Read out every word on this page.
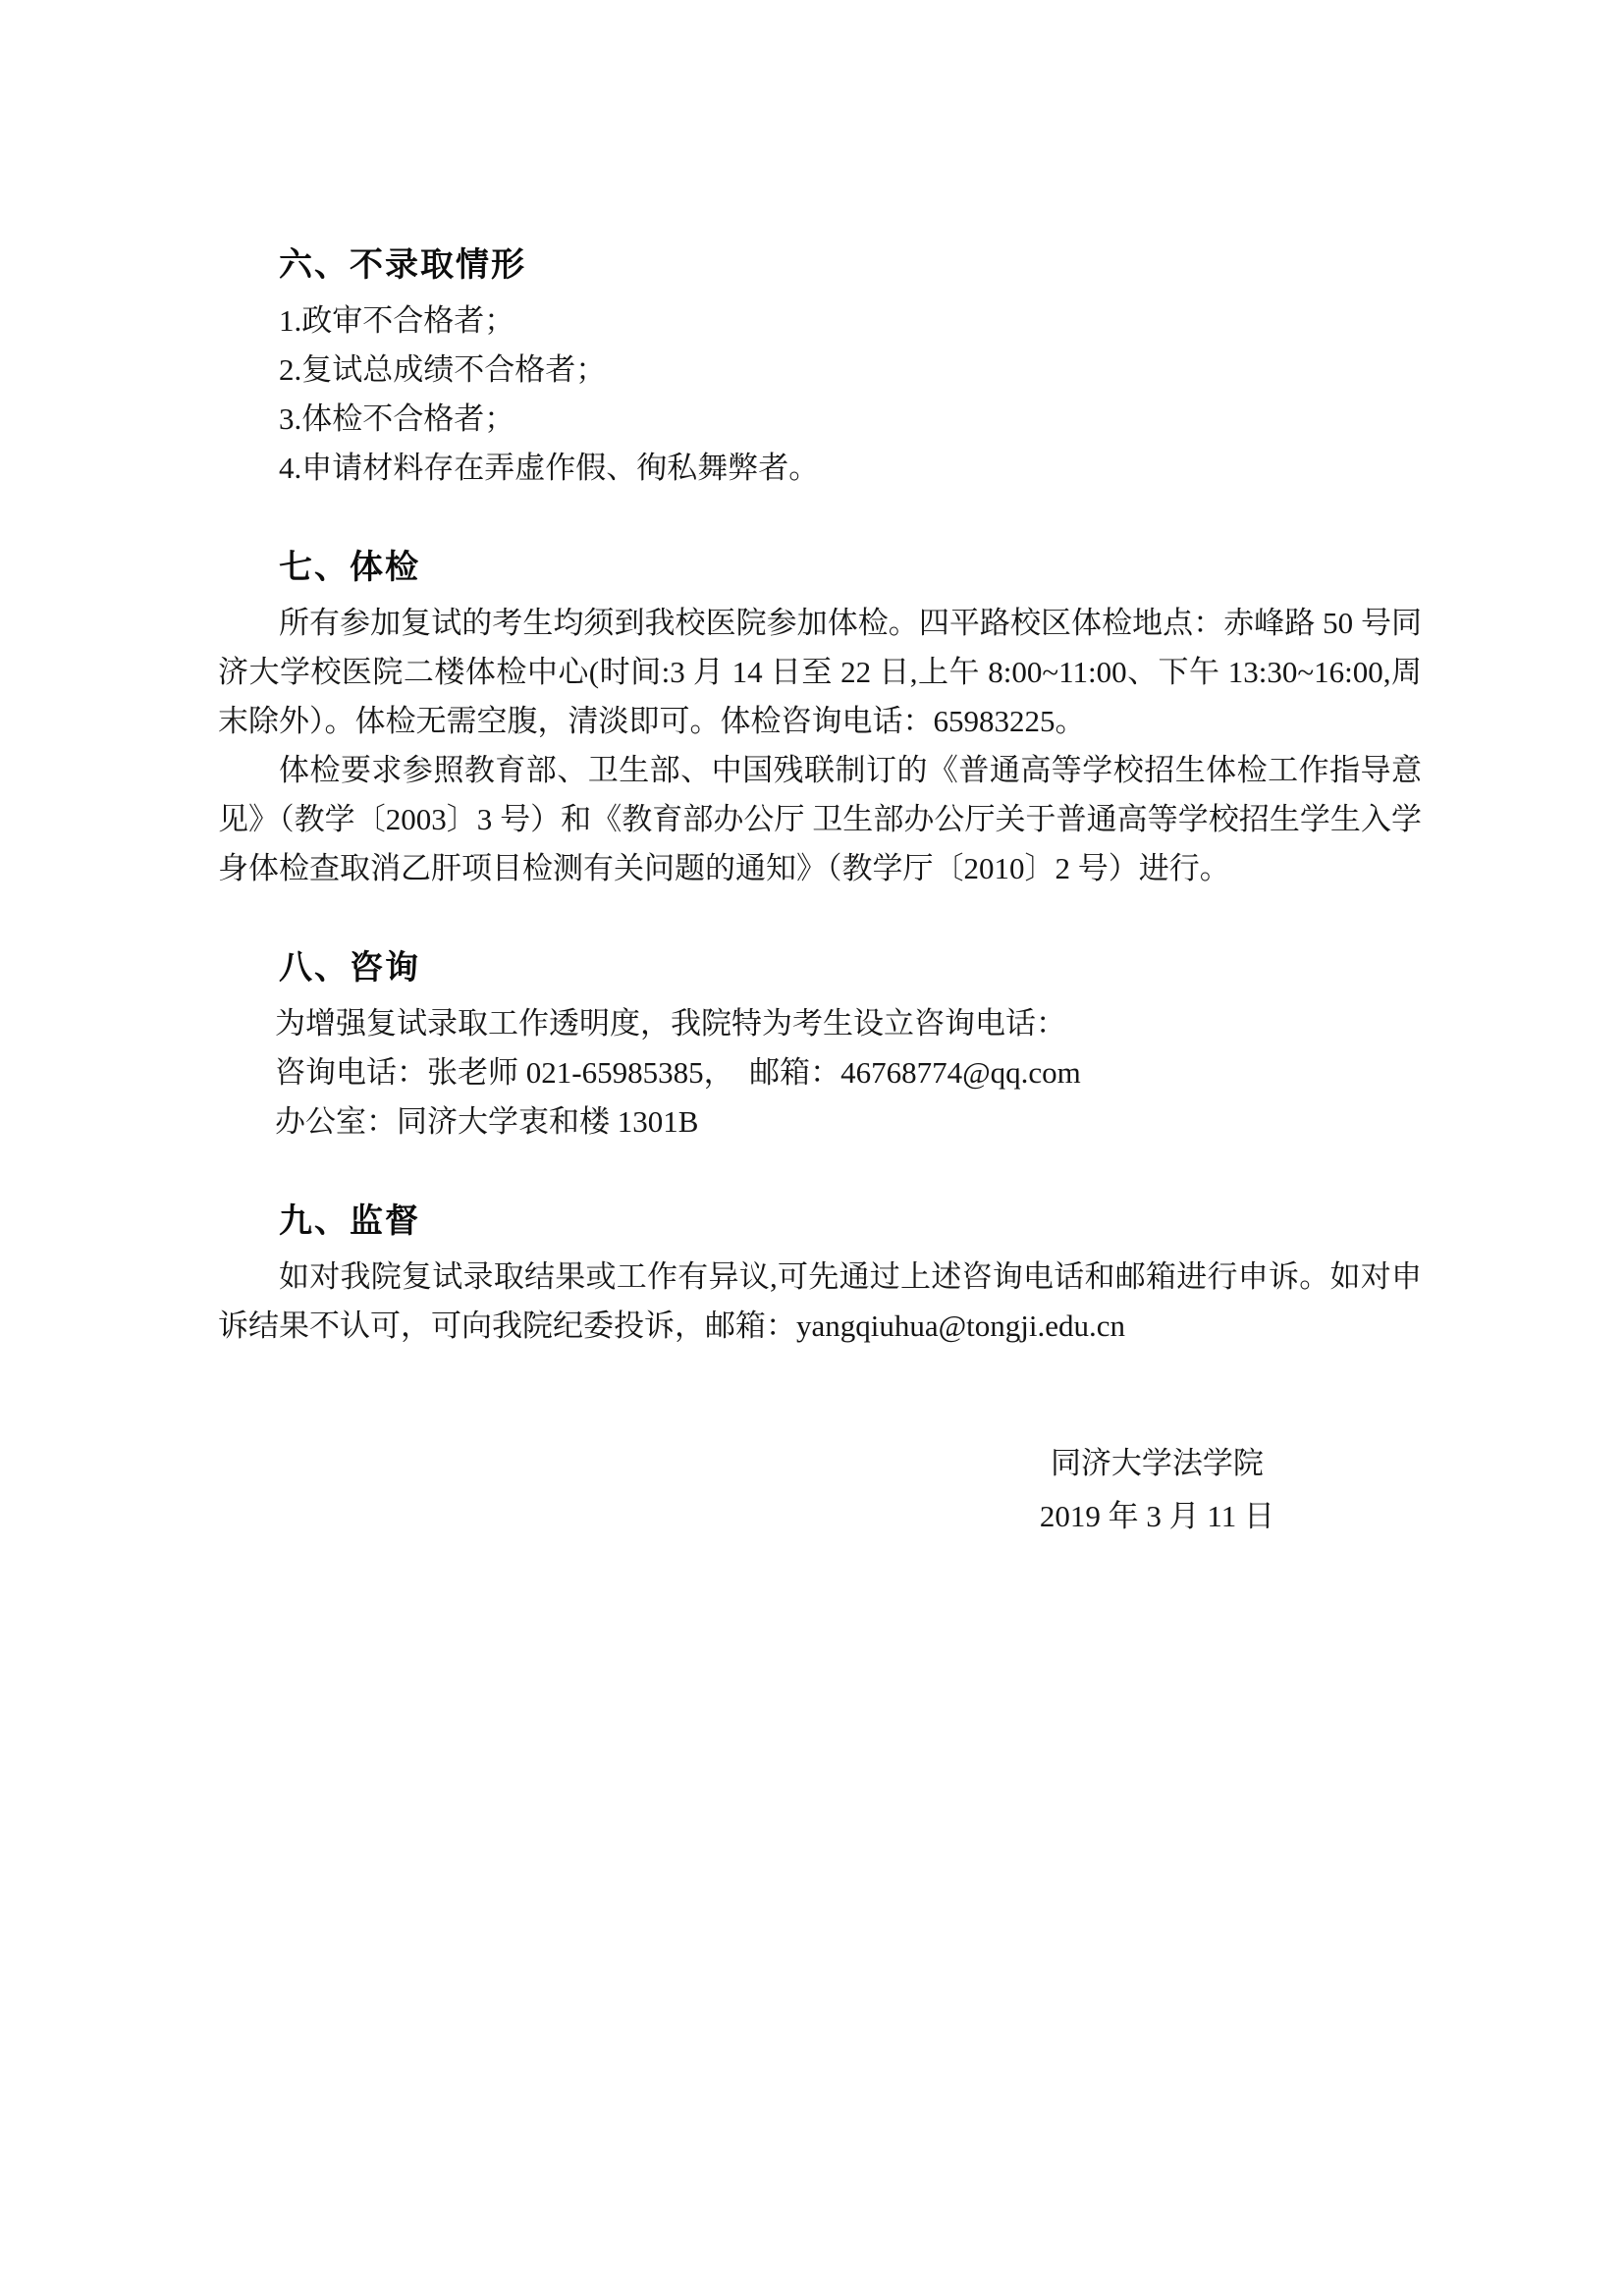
六、不录取情形

1.政审不合格者；

2.复试总成绩不合格者；

3.体检不合格者；

4.申请材料存在弄虚作假、徇私舞弊者。

七、体检

所有参加复试的考生均须到我校医院参加体检。四平路校区体检地点：赤峰路 50 号同济大学校医院二楼体检中心(时间:3 月 14 日至 22 日,上午 8:00~11:00、下午 13:30~16:00,周末除外）。体检无需空腹，清淡即可。体检咨询电话：65983225。

体检要求参照教育部、卫生部、中国残联制订的《普通高等学校招生体检工作指导意见》（教学〔2003〕3 号）和《教育部办公厅 卫生部办公厅关于普通高等学校招生学生入学身体检查取消乙肝项目检测有关问题的通知》（教学厅〔2010〕2 号）进行。

八、咨询

为增强复试录取工作透明度，我院特为考生设立咨询电话：

咨询电话：张老师 021-65985385，　邮箱：46768774@qq.com

办公室：同济大学衷和楼 1301B

九、监督

如对我院复试录取结果或工作有异议,可先通过上述咨询电话和邮箱进行申诉。如对申诉结果不认可，可向我院纪委投诉，邮箱：yangqiuhua@tongji.edu.cn

同济大学法学院
2019 年 3 月 11 日
